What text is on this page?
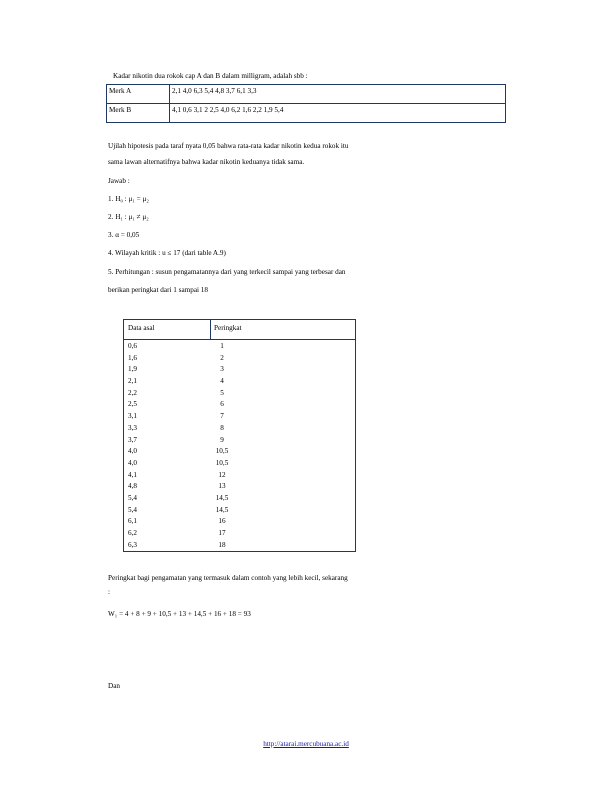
Kadar nikotin dua rokok cap A dan B dalam milligram, adalah sbb :
Merk A	2,1 4,0 6,3 5,4 4,8 3,7 6,1 3,3
Merk B	4,1 0,6 3,1 2 2,5 4,0 6,2 1,6 2,2 1,9 5,4
Ujilah hipotesis pada taraf nyata 0,05 bahwa rata-rata kadar nikotin kedua rokok itu
sama lawan alternatifnya bahwa kadar nikotin keduanya tidak sama.
Jawab :
1. H₀ : μ₁ = μ₂
2. H₁ : μ₁ ≠ μ₂
3. α = 0,05
4. Wilayah kritik : u ≤ 17 (dari table A.9)
5. Perhitungan : susun pengamatannya dari yang terkecil sampai yang terbesar dan
berikan peringkat dari 1 sampai 18
Data asal	Peringkat
0,6	1
1,6	2
1,9	3
2,1	4
2,2	5
2,5	6
3,1	7
3,3	8
3,7	9
4,0	10,5
4,0	10,5
4,1	12
4,8	13
5,4	14,5
5,4	14,5
6,1	16
6,2	17
6,3	18
Peringkat bagi pengamatan yang termasuk dalam contoh yang lebih kecil, sekarang
:
W₁ = 4 + 8 + 9 + 10,5 + 13 + 14,5 + 16 + 18 = 93
Dan
http://atarai.mercubuana.ac.id
